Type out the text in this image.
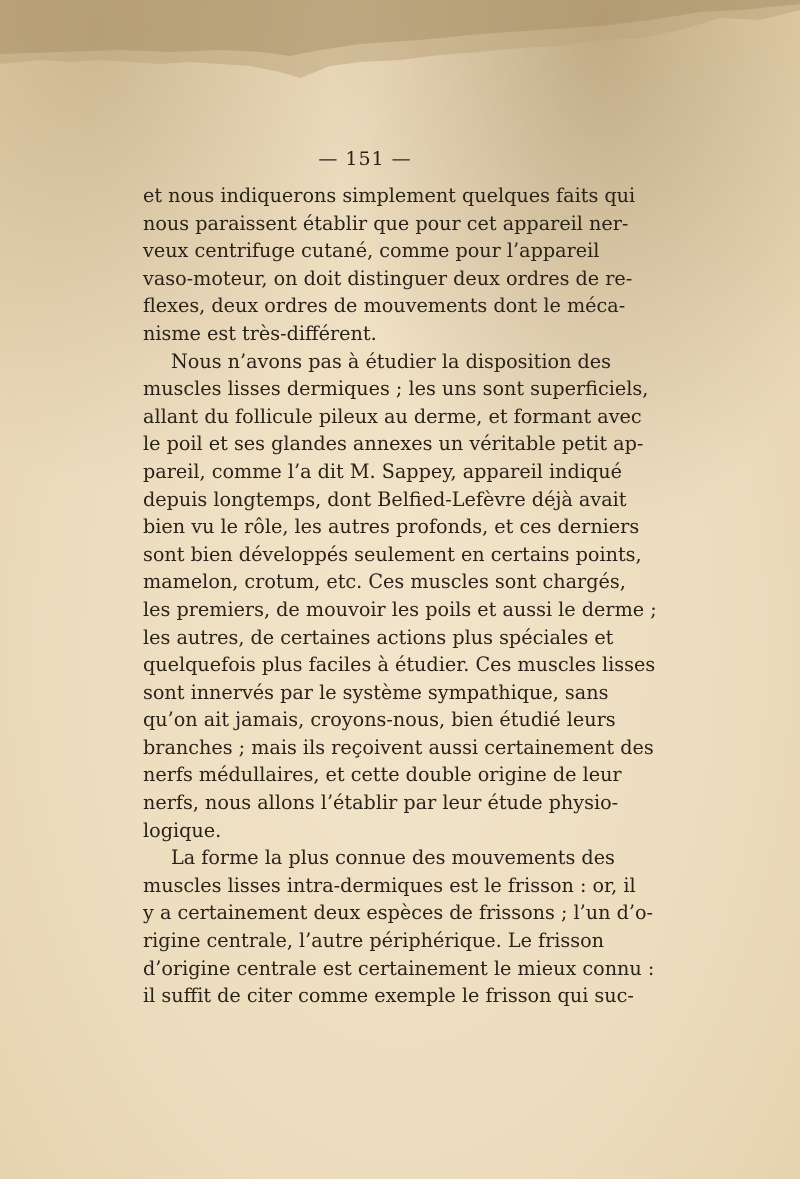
— 151 —
et nous indiquerons simplement quelques faits qui
nous paraissent établir que pour cet appareil ner-
veux centrifuge cutané, comme pour l’appareil
vaso-moteur, on doit distinguer deux ordres de re-
flexes, deux ordres de mouvements dont le méca-
nisme est très-différent.
Nous n’avons pas à étudier la disposition des
muscles lisses dermiques ; les uns sont superficiels,
allant du follicule pileux au derme, et formant avec
le poil et ses glandes annexes un véritable petit ap-
pareil, comme l’a dit M. Sappey, appareil indiqué
depuis longtemps, dont Belfied-Lefèvre déjà avait
bien vu le rôle, les autres profonds, et ces derniers
sont bien développés seulement en certains points,
mamelon, crotum, etc. Ces muscles sont chargés,
les premiers, de mouvoir les poils et aussi le derme ;
les autres, de certaines actions plus spéciales et
quelquefois plus faciles à étudier. Ces muscles lisses
sont innervés par le système sympathique, sans
qu’on ait jamais, croyons-nous, bien étudié leurs
branches ; mais ils reçoivent aussi certainement des
nerfs médullaires, et cette double origine de leur
nerfs, nous allons l’établir par leur étude physio-
logique.
La forme la plus connue des mouvements des
muscles lisses intra-dermiques est le frisson : or, il
y a certainement deux espèces de frissons ; l’un d’o-
rigine centrale, l’autre périphérique. Le frisson
d’origine centrale est certainement le mieux connu :
il suffit de citer comme exemple le frisson qui suc-
